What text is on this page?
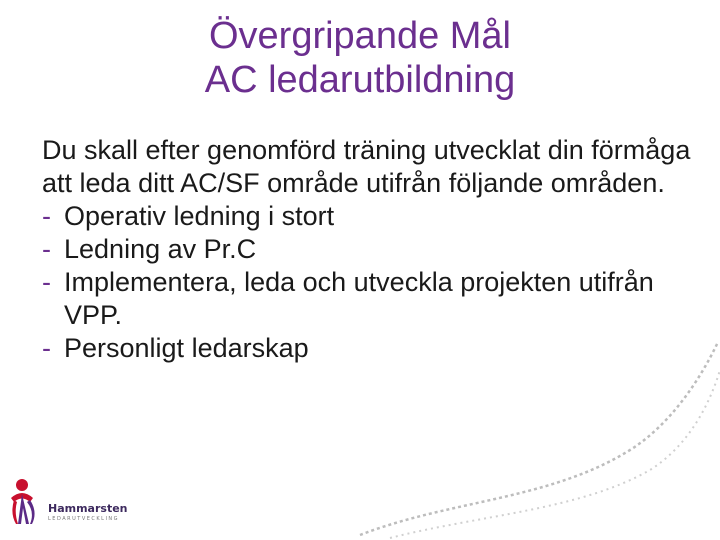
Övergripande Mål
AC ledarutbildning

Du skall efter genomförd träning utvecklat din förmåga att leda ditt AC/SF område utifrån följande områden.

- Operativ ledning i stort
- Ledning av Pr.C
- Implementera, leda och utveckla projekten utifrån VPP.
- Personligt ledarskap
Hammarsten
LEDARUTVECKLING
